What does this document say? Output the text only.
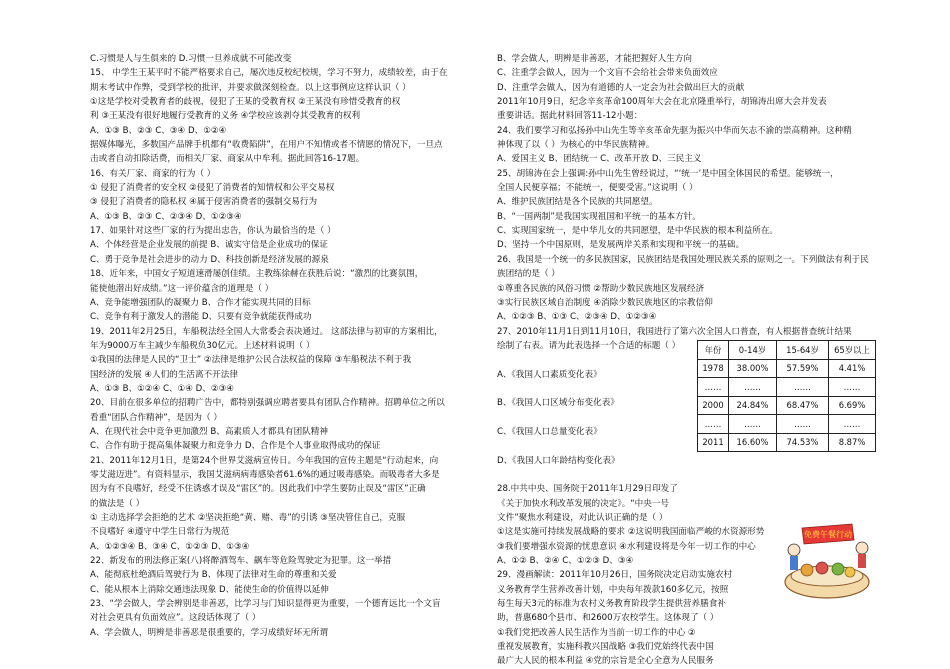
C.习惯是人与生俱来的 D.习惯一旦养成就不可能改变
15、 中学生王某平时不能严格要求自己，屡次违反校纪校规，学习不努力，成绩较差，由于在
期末考试中作弊，受到学校的批评，并要求做深刻检查。以上这事例应这样认识（ ）
①这是学校对受教育者的歧视，侵犯了王某的受教育权 ②王某没有珍惜受教育的权
利 ③王某没有很好地履行受教育的义务 ④学校应该剥夺其受教育的权利
A、①③ B、②③ C、③④ D、①②④
据媒体曝光，多数国产品牌手机都有“收费陷阱”，在用户不知情或者不情愿的情况下，一旦点
击或者自动扣除话费，而相关厂家、商家从中牟利。据此回答16-17题。
16、有关厂家、商家的行为（ ）
① 侵犯了消费者的安全权 ②侵犯了消费者的知情权和公平交易权
③ 侵犯了消费者的隐私权 ④属于侵害消费者的强制交易行为
A、①③ B、②③ C、②③④ D、①②③④
17、如果针对这些厂家的行为提出忠告，你认为最恰当的是（ ）
A、个体经营是企业发展的前提 B、诚实守信是企业成功的保证
C、勇于竞争是社会进步的动力 D、科技创新是经济发展的源泉
18、近年来，中国女子短道速滑屡创佳绩。主教练徐赫在获胜后说：“激烈的比赛氛围，
能使他潜出好成绩。”这一评价蕴含的道理是（ ）
A、竞争能增强团队的凝聚力 B、合作才能实现共同的目标
C、竞争有利于激发人的潜能 D、只要有竞争就能获得成功
19、2011年2月25日，车船税法经全国人大常委会表决通过。 这部法律与初审的方案相比，
年为9000万车主减少车船税负30亿元。上述材料说明（ ）
①我国的法律是人民的“卫士” ②法律是维护公民合法权益的保障 ③车船税法不利于我
国经济的发展 ④人们的生活离不开法律
A、①③ B、①②④ C、①④ D、②③④
20、目前在很多单位的招聘广告中，都特别强调应聘者要具有团队合作精神。招聘单位之所以
看重“团队合作精神”，是因为（ ）
A、在现代社会中竞争更加激烈 B、高素质人才都具有团队精神
C、合作有助于提高集体凝聚力和竞争力 D、合作是个人事业取得成功的保证
21、2011年12月1日，是第24个世界艾滋病宣传日。今年我国的宣传主题是“行动起来，向
零艾滋迈进”。有资料显示，我国艾滋病病毒感染者61.6%的通过吸毒感染。而吸毒者大多是
因为有不良嗜好，经受不住诱惑才误及“雷区”的。因此我们中学生要防止误及“雷区”正确
的做法是（ ）
① 主动选择学会拒绝的艺术 ②坚决拒绝“黄、赌、毒”的引诱 ③坚决管住自己，克服
不良嗜好 ④遵守中学生日常行为规范
A、①②③④ B、③④ C、①②③ D、①③④
22、新发布的刑法修正案(八)将醉酒驾车、飙车等危险驾驶定为犯罪。这一举措
A、能彻底杜绝酒后驾驶行为 B、体现了法律对生命的尊重和关爱
C、能从根本上消除交通违法现象 D、能使生命的价值得以延伸
23、“学会做人，学会辨别是非善恶，比学习与门知识显得更为重要，一个德育远比一个文盲
对社会更具有负面效应”。这段话体现了（ ）
A、学会做人，明辨是非善恶是很重要的，学习成绩好坏无所谓
B、学会做人，明辨是非善恶，才能把握好人生方向
C、注重学会做人，因为一个文盲不会给社会带来负面效应
D、注重学会做人，因为有道德的人一定会为社会做出巨大的贡献
2011年10月9日，纪念辛亥革命100周年大会在北京隆重举行，胡锦涛出席大会并发表
重要讲话。据此材料回答11-12小题：
24、我们要学习和弘扬孙中山先生等辛亥革命先驱为振兴中华而矢志不渝的崇高精神。这种精
神体现了以（ ）为核心的中华民族精神。
A、爱国主义 B、团结统一 C、改革开放 D、三民主义
25、胡锦涛在会上强调:孙中山先生曾经说过，“‘统一’是中国全体国民的希望。能够统一，
全国人民便享福；不能统一，便要受害。”这说明（ ）
A、维护民族团结是各个民族的共同愿望。
B、“一国两制”是我国实现祖国和平统一的基本方针。
C、实现国家统一，是中华儿女的共同愿望，是中华民族的根本利益所在。
D、坚持一个中国原则，是发展两岸关系和实现和平统一的基础。
26、我国是一个统一的多民族国家，民族团结是我国处理民族关系的原则之一。下列做法有利于民
族团结的是（ ）
①尊重各民族的风俗习惯 ②帮助少数民族地区发展经济
③实行民族区域自治制度 ④消除少数民族地区的宗教信仰
A、①②③ B、①③ C、②③④ D、①②③④
27、2010年11月1日到11月10日，我国进行了第六次全国人口普查，有人根据普查统计结果
绘制了右表。请为此表选择一个合适的标题（ ）
A、《我国人口素质变化表》
B、《我国人口区域分布变化表》
C、《我国人口总量变化表》
D、《我国人口年龄结构变化表》
28.中共中央、国务院于2011年1月29日印发了
《关于加快水利改革发展的决定》。“中央一号
文件”聚焦水利建设，对此认识正确的是（ ）
①这是实施可持续发展战略的要求 ②这说明我国面临严峻的水资源形势
③我们要增强水资源的忧患意识 ④水利建设将是今年一切工作的中心
A、①② B、②④ C、①②③ D、③④
29、漫画解读：2011年10月26日，国务院决定启动实施农村
义务教育学生营养改善计划，中央每年拨款160多亿元，按照
每生每天3元的标准为农村义务教育阶段学生提供营养膳食补
助，普惠680个县市、和2600万农校学生。这体现了（ ）
①我们党把改善人民生活作为当前一切工作的中心 ②
重视发展教育，实施科教兴国战略 ③我们党始终代表中国
最广大人民的根本利益 ④党的宗旨是全心全意为人民服务
年份	0-14岁	15-64岁	65岁以上
1978	38.00%	57.59%	4.41%
……	……	……	……
2000	24.84%	68.47%	6.69%
……	……	……	……
2011	16.60%	74.53%	8.87%
免费午餐行动
